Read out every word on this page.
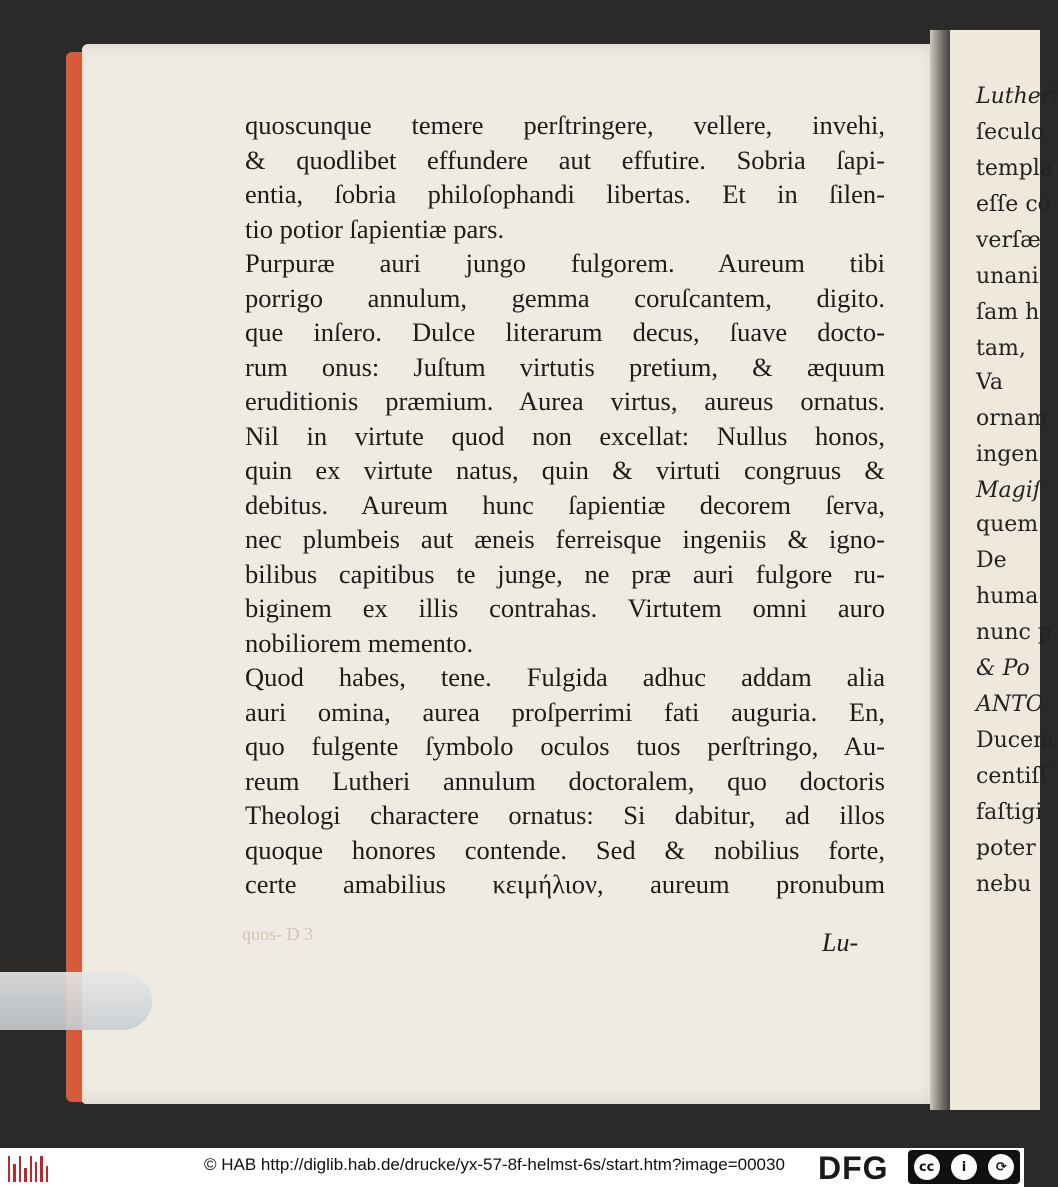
Lutheri
ſeculo
templa
eſſe co
verſæ
unani
ſam h
tam,
Va
ornam
ingen
Magiſ
quem
De
huma
nunc p
& Po
ANTO
Ducem
centiſſ
faſtigi
poter
nebu
quoscunque temere perſtringere, vellere, invehi,
& quodlibet effundere aut effutire. Sobria ſapi-
entia, ſobria philoſophandi libertas. Et in ſilen-
tio potior ſapientiæ pars.
Purpuræ auri jungo fulgorem. Aureum tibi
porrigo annulum, gemma coruſcantem, digito.
que inſero. Dulce literarum decus, ſuave docto-
rum onus: Juſtum virtutis pretium, & æquum
eruditionis præmium. Aurea virtus, aureus ornatus.
Nil in virtute quod non excellat: Nullus honos,
quin ex virtute natus, quin & virtuti congruus &
debitus. Aureum hunc ſapientiæ decorem ſerva,
nec plumbeis aut æneis ferreisque ingeniis & igno-
bilibus capitibus te junge, ne præ auri fulgore ru-
biginem ex illis contrahas. Virtutem omni auro
nobiliorem memento.
Quod habes, tene. Fulgida adhuc addam alia
auri omina, aurea proſperrimi fati auguria. En,
quo fulgente ſymbolo oculos tuos perſtringo, Au-
reum Lutheri annulum doctoralem, quo doctoris
Theologi charactere ornatus: Si dabitur, ad illos
quoque honores contende. Sed & nobilius forte,
certe amabilius κειμήλιον, aureum pronubum
quos- D 3	Lu-
© HAB http://diglib.hab.de/drucke/yx-57-8f-helmst-6s/start.htm?image=00030 DFG	cc	i	⟳
